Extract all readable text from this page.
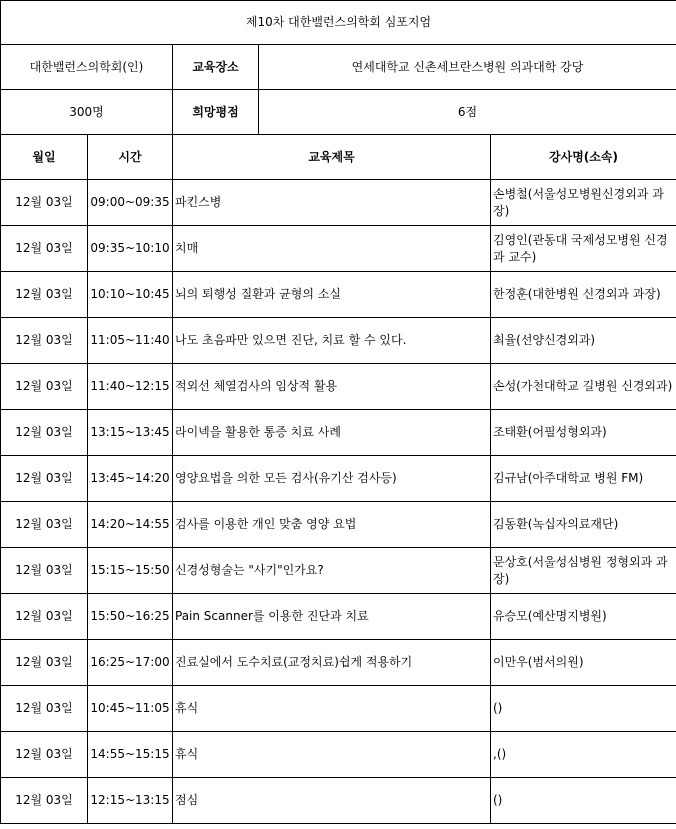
제10차 대한밸런스의학회 심포지엄				
대한밸런스의학회(인)		교육장소	연세대학교 신촌세브란스병원 의과대학 강당	
300명		희망평점	6점	
월일	시간	교육제목		강사명(소속)
12월 03일	09:00~09:35	파킨스병		손병철(서울성모병원신경외과 과장)
12월 03일	09:35~10:10	치매		김영인(관동대 국제성모병원 신경과 교수)
12월 03일	10:10~10:45	뇌의 퇴행성 질환과 균형의 소실		한정훈(대한병원 신경외과 과장)
12월 03일	11:05~11:40	나도 초음파만 있으면 진단, 치료 할 수 있다.		최율(선양신경외과)
12월 03일	11:40~12:15	적외선 체열검사의 임상적 활용		손성(가천대학교 길병원 신경외과)
12월 03일	13:15~13:45	라이넥을 활용한 통증 치료 사례		조태환(어필성형외과)
12월 03일	13:45~14:20	영양요법을 의한 모든 검사(유기산 검사등)		김규남(아주대학교 병원 FM)
12월 03일	14:20~14:55	검사를 이용한 개인 맞춤 영양 요법		김동환(녹십자의료재단)
12월 03일	15:15~15:50	신경성형술는 "사기"인가요?		문상호(서울성심병원 정형외과 과장)
12월 03일	15:50~16:25	Pain Scanner를 이용한 진단과 치료		유승모(예산명지병원)
12월 03일	16:25~17:00	진료실에서 도수치료(교정치료)쉽게 적용하기		이만우(범서의원)
12월 03일	10:45~11:05	휴식		()
12월 03일	14:55~15:15	휴식		,()
12월 03일	12:15~13:15	점심		()
